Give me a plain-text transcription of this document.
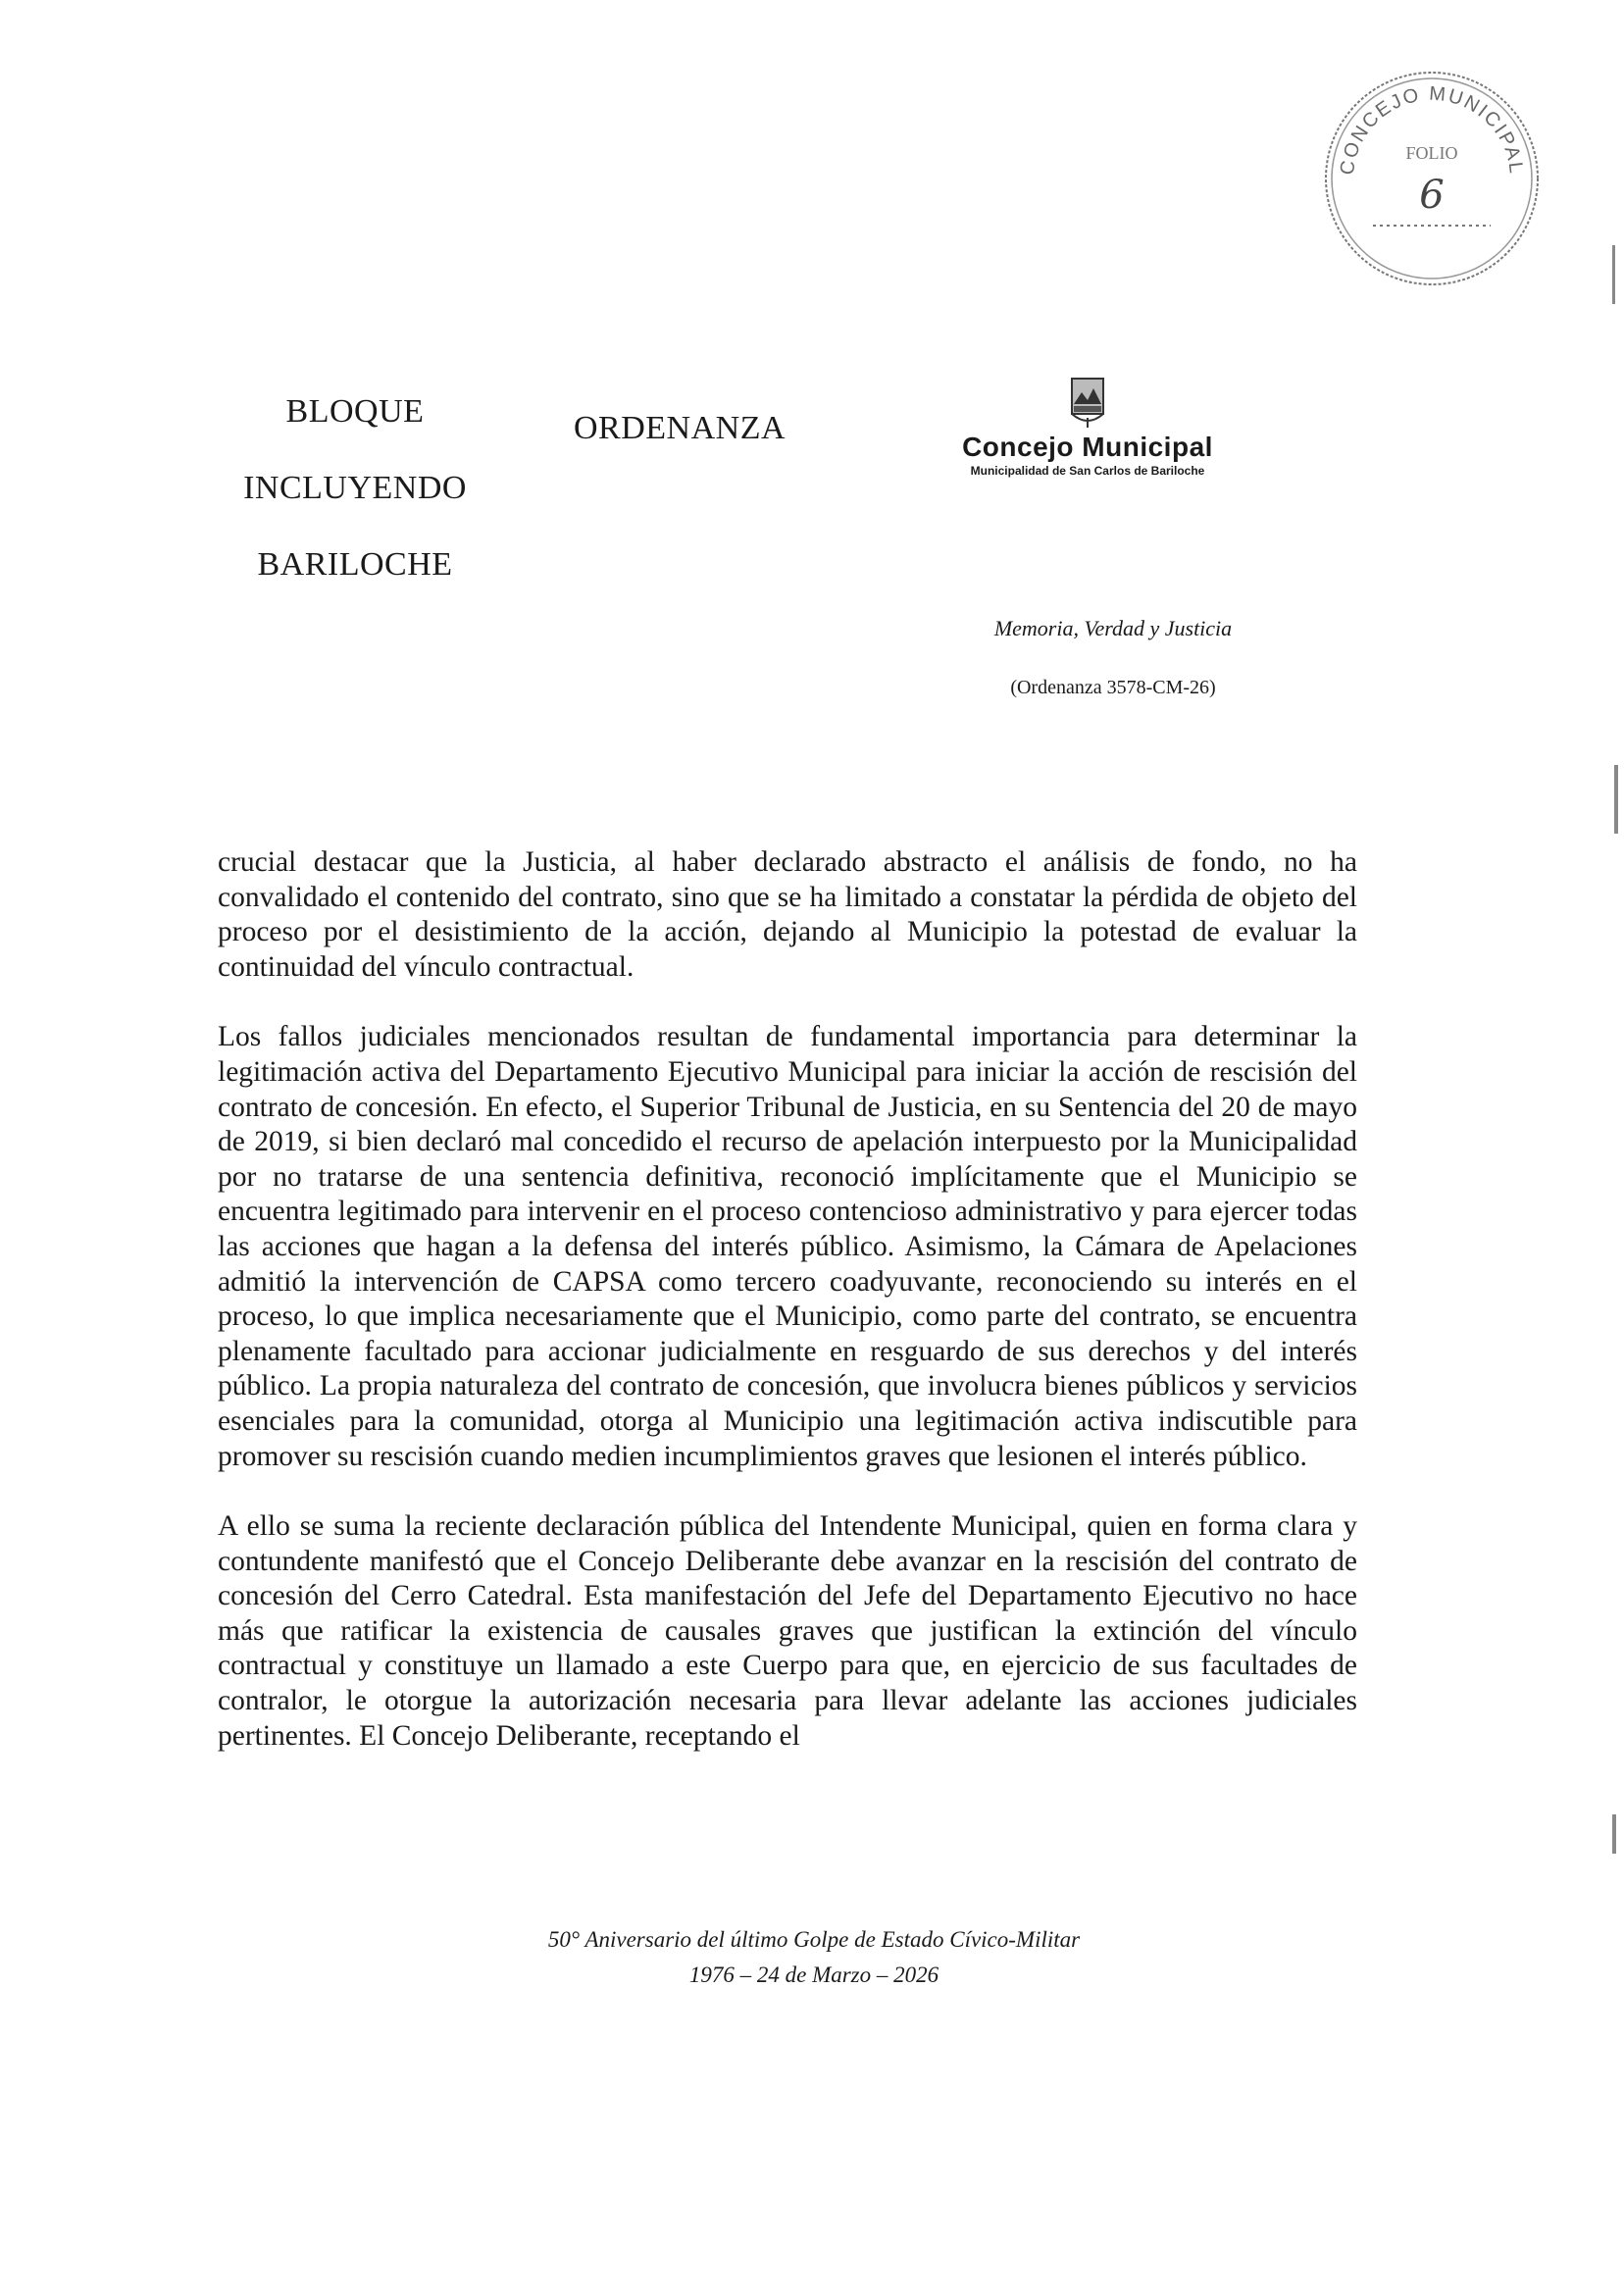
CONCEJO MUNICIPAL
FOLIO
6
BLOQUE
INCLUYENDO
BARILOCHE
ORDENANZA
Concejo Municipal
Municipalidad de San Carlos de Bariloche
Memoria, Verdad y Justicia
(Ordenanza 3578-CM-26)

crucial destacar que la Justicia, al haber declarado abstracto el análisis de fondo, no ha convalidado el contenido del contrato, sino que se ha limitado a constatar la pérdida de objeto del proceso por el desistimiento de la acción, dejando al Municipio la potestad de evaluar la continuidad del vínculo contractual.

Los fallos judiciales mencionados resultan de fundamental importancia para determinar la legitimación activa del Departamento Ejecutivo Municipal para iniciar la acción de rescisión del contrato de concesión. En efecto, el Superior Tribunal de Justicia, en su Sentencia del 20 de mayo de 2019, si bien declaró mal concedido el recurso de apelación interpuesto por la Municipalidad por no tratarse de una sentencia definitiva, reconoció implícitamente que el Municipio se encuentra legitimado para intervenir en el proceso contencioso administrativo y para ejercer todas las acciones que hagan a la defensa del interés público. Asimismo, la Cámara de Apelaciones admitió la intervención de CAPSA como tercero coadyuvante, reconociendo su interés en el proceso, lo que implica necesariamente que el Municipio, como parte del contrato, se encuentra plenamente facultado para accionar judicialmente en resguardo de sus derechos y del interés público. La propia naturaleza del contrato de concesión, que involucra bienes públicos y servicios esenciales para la comunidad, otorga al Municipio una legitimación activa indiscutible para promover su rescisión cuando medien incumplimientos graves que lesionen el interés público.

A ello se suma la reciente declaración pública del Intendente Municipal, quien en forma clara y contundente manifestó que el Concejo Deliberante debe avanzar en la rescisión del contrato de concesión del Cerro Catedral. Esta manifestación del Jefe del Departamento Ejecutivo no hace más que ratificar la existencia de causales graves que justifican la extinción del vínculo contractual y constituye un llamado a este Cuerpo para que, en ejercicio de sus facultades de contralor, le otorgue la autorización necesaria para llevar adelante las acciones judiciales pertinentes. El Concejo Deliberante, receptando el

50° Aniversario del último Golpe de Estado Cívico-Militar
1976 – 24 de Marzo – 2026
